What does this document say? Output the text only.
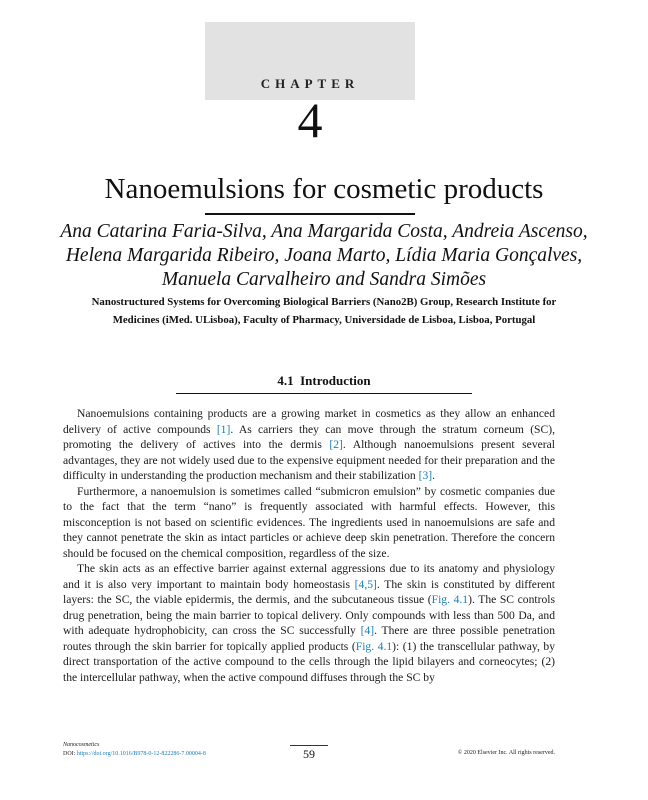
CHAPTER
4
Nanoemulsions for cosmetic products
Ana Catarina Faria-Silva, Ana Margarida Costa, Andreia Ascenso, Helena Margarida Ribeiro, Joana Marto, Lídia Maria Gonçalves, Manuela Carvalheiro and Sandra Simões
Nanostructured Systems for Overcoming Biological Barriers (Nano2B) Group, Research Institute for Medicines (iMed. ULisboa), Faculty of Pharmacy, Universidade de Lisboa, Lisboa, Portugal
4.1 Introduction

Nanoemulsions containing products are a growing market in cosmetics as they allow an enhanced delivery of active compounds [1]. As carriers they can move through the stratum corneum (SC), promoting the delivery of actives into the dermis [2]. Although nanoemulsions present several advantages, they are not widely used due to the expensive equipment needed for their preparation and the difficulty in understanding the production mechanism and their stabilization [3].

Furthermore, a nanoemulsion is sometimes called “submicron emulsion” by cosmetic companies due to the fact that the term “nano” is frequently associated with harmful effects. However, this misconception is not based on scientific evidences. The ingredients used in nanoemulsions are safe and they cannot penetrate the skin as intact particles or achieve deep skin penetration. Therefore the concern should be focused on the chemical composition, regardless of the size.

The skin acts as an effective barrier against external aggressions due to its anatomy and physiology and it is also very important to maintain body homeostasis [4,5]. The skin is constituted by different layers: the SC, the viable epidermis, the dermis, and the subcutaneous tissue (Fig. 4.1). The SC controls drug penetration, being the main barrier to topical delivery. Only compounds with less than 500 Da, and with adequate hydrophobicity, can cross the SC successfully [4]. There are three possible penetration routes through the skin barrier for topically applied products (Fig. 4.1): (1) the transcellular pathway, by direct transportation of the active compound to the cells through the lipid bilayers and corneocytes; (2) the intercellular pathway, when the active compound diffuses through the SC by

Nanocosmetics
DOI: https://doi.org/10.1016/B978-0-12-822286-7.00004-8	59	© 2020 Elsevier Inc. All rights reserved.
